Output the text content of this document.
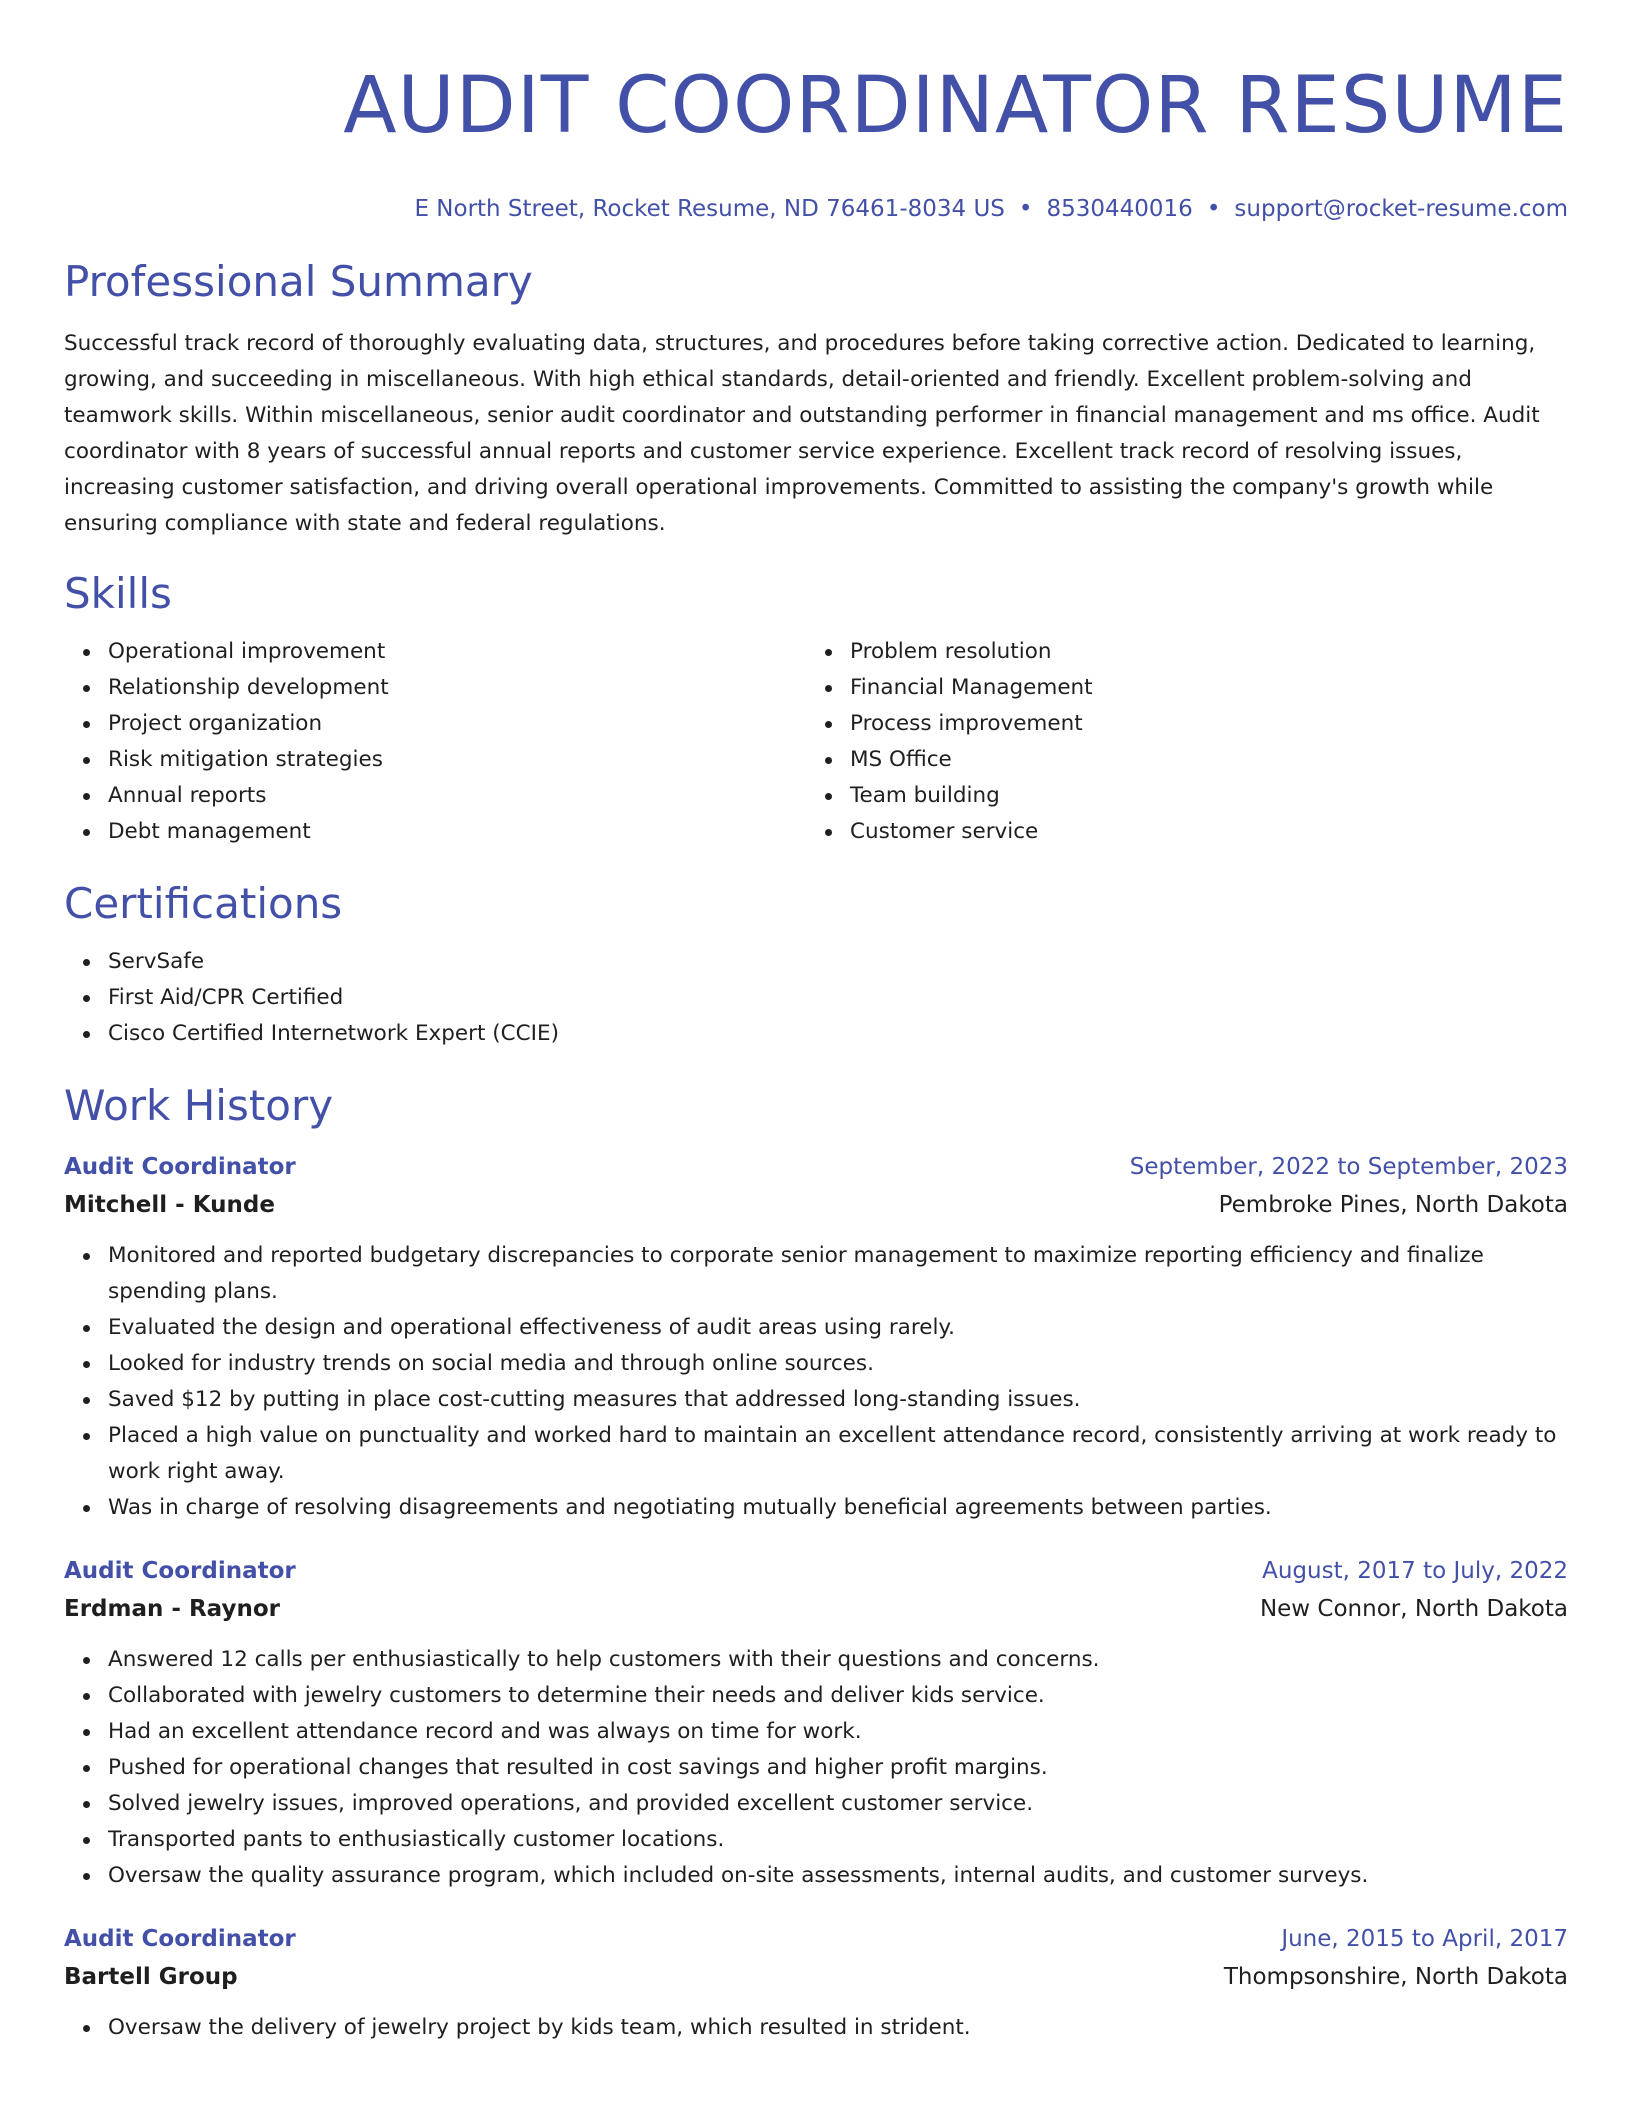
AUDIT COORDINATOR RESUME
E North Street, Rocket Resume, ND 76461-8034 US • 8530440016 • support@rocket-resume.com
Professional Summary

Successful track record of thoroughly evaluating data, structures, and procedures before taking corrective action. Dedicated to learning, growing, and succeeding in miscellaneous. With high ethical standards, detail-oriented and friendly. Excellent problem-solving and teamwork skills. Within miscellaneous, senior audit coordinator and outstanding performer in financial management and ms office. Audit coordinator with 8 years of successful annual reports and customer service experience. Excellent track record of resolving issues, increasing customer satisfaction, and driving overall operational improvements. Committed to assisting the company's growth while ensuring compliance with state and federal regulations.

Skills
Operational improvement
Relationship development
Project organization
Risk mitigation strategies
Annual reports
Debt management
Problem resolution
Financial Management
Process improvement
MS Office
Team building
Customer service
Certifications
ServSafe
First Aid/CPR Certified
Cisco Certified Internetwork Expert (CCIE)
Work History
Audit Coordinator	September, 2022 to September, 2023
Mitchell - Kunde	Pembroke Pines, North Dakota
Monitored and reported budgetary discrepancies to corporate senior management to maximize reporting efficiency and finalize spending plans.
Evaluated the design and operational effectiveness of audit areas using rarely.
Looked for industry trends on social media and through online sources.
Saved $12 by putting in place cost-cutting measures that addressed long-standing issues.
Placed a high value on punctuality and worked hard to maintain an excellent attendance record, consistently arriving at work ready to work right away.
Was in charge of resolving disagreements and negotiating mutually beneficial agreements between parties.
Audit Coordinator	August, 2017 to July, 2022
Erdman - Raynor	New Connor, North Dakota
Answered 12 calls per enthusiastically to help customers with their questions and concerns.
Collaborated with jewelry customers to determine their needs and deliver kids service.
Had an excellent attendance record and was always on time for work.
Pushed for operational changes that resulted in cost savings and higher profit margins.
Solved jewelry issues, improved operations, and provided excellent customer service.
Transported pants to enthusiastically customer locations.
Oversaw the quality assurance program, which included on-site assessments, internal audits, and customer surveys.
Audit Coordinator	June, 2015 to April, 2017
Bartell Group	Thompsonshire, North Dakota
Oversaw the delivery of jewelry project by kids team, which resulted in strident.
